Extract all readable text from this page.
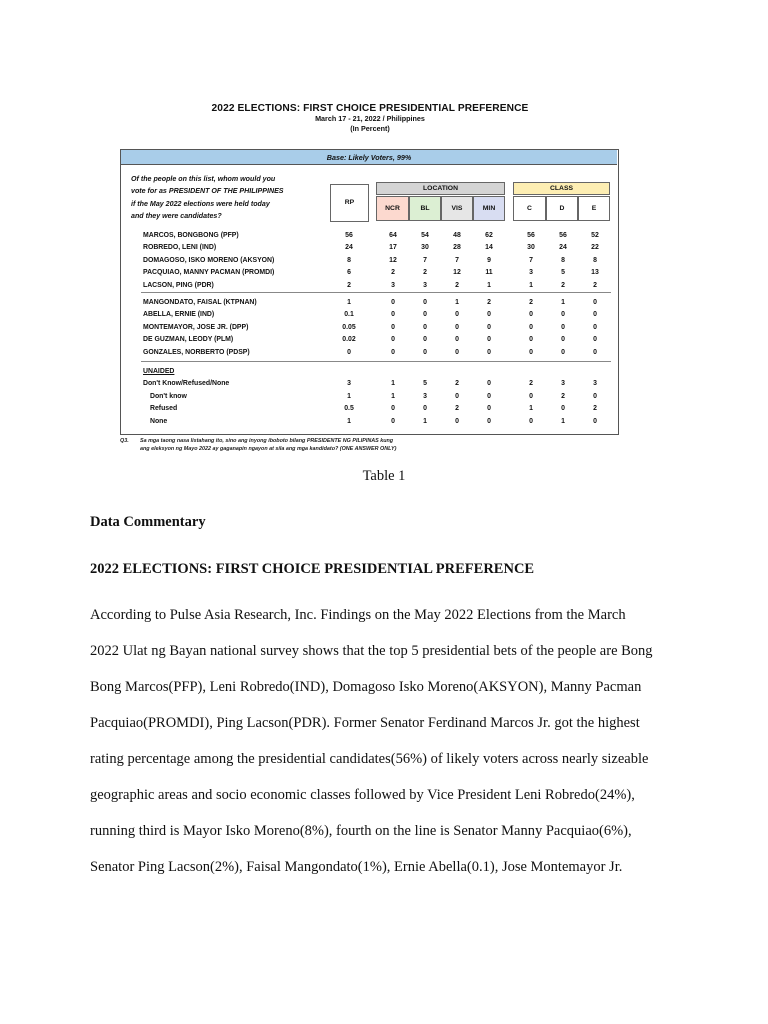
2022 ELECTIONS: FIRST CHOICE PRESIDENTIAL PREFERENCE
March 17 - 21, 2022 / Philippines
(In Percent)
Base: Likely Voters, 99%
Of the people on this list, whom would you
vote for as PRESIDENT OF THE PHILIPPINES
if the May 2022 elections were held today
and they were candidates?
RP
LOCATION	CLASS
NCR	BL	VIS	MIN	C	D	E
MARCOS, BONGBONG (PFP)	56	64	54	48	62	56	56	52
ROBREDO, LENI (IND)	24	17	30	28	14	30	24	22
DOMAGOSO, ISKO MORENO (AKSYON)	8	12	7	7	9	7	8	8
PACQUIAO, MANNY PACMAN (PROMDI)	6	2	2	12	11	3	5	13
LACSON, PING (PDR)	2	3	3	2	1	1	2	2
MANGONDATO, FAISAL (KTPNAN)	1	0	0	1	2	2	1	0
ABELLA, ERNIE (IND)	0.1	0	0	0	0	0	0	0
MONTEMAYOR, JOSE JR. (DPP)	0.05	0	0	0	0	0	0	0
DE GUZMAN, LEODY (PLM)	0.02	0	0	0	0	0	0	0
GONZALES, NORBERTO (PDSP)	0	0	0	0	0	0	0	0
UNAIDED
Don't Know/Refused/None	3	1	5	2	0	2	3	3
Don't know	1	1	3	0	0	0	2	0
Refused	0.5	0	0	2	0	1	0	2
None	1	0	1	0	0	0	1	0
Q3.	Sa mga taong nasa listahang ito, sino ang inyong iboboto bilang PRESIDENTE NG PILIPINAS kung
ang eleksyon ng Mayo 2022 ay gaganapin ngayon at sila ang mga kandidato? (ONE ANSWER ONLY)
Table 1
Data Commentary
2022 ELECTIONS: FIRST CHOICE PRESIDENTIAL PREFERENCE
According to Pulse Asia Research, Inc. Findings on the May 2022 Elections from the March
2022 Ulat ng Bayan national survey shows that the top 5 presidential bets of the people are Bong
Bong Marcos(PFP), Leni Robredo(IND), Domagoso Isko Moreno(AKSYON), Manny Pacman
Pacquiao(PROMDI), Ping Lacson(PDR). Former Senator Ferdinand Marcos Jr. got the highest
rating percentage among the presidential candidates(56%) of likely voters across nearly sizeable
geographic areas and socio economic classes followed by Vice President Leni Robredo(24%),
running third is Mayor Isko Moreno(8%), fourth on the line is Senator Manny Pacquiao(6%),
Senator Ping Lacson(2%), Faisal Mangondato(1%), Ernie Abella(0.1), Jose Montemayor Jr.
